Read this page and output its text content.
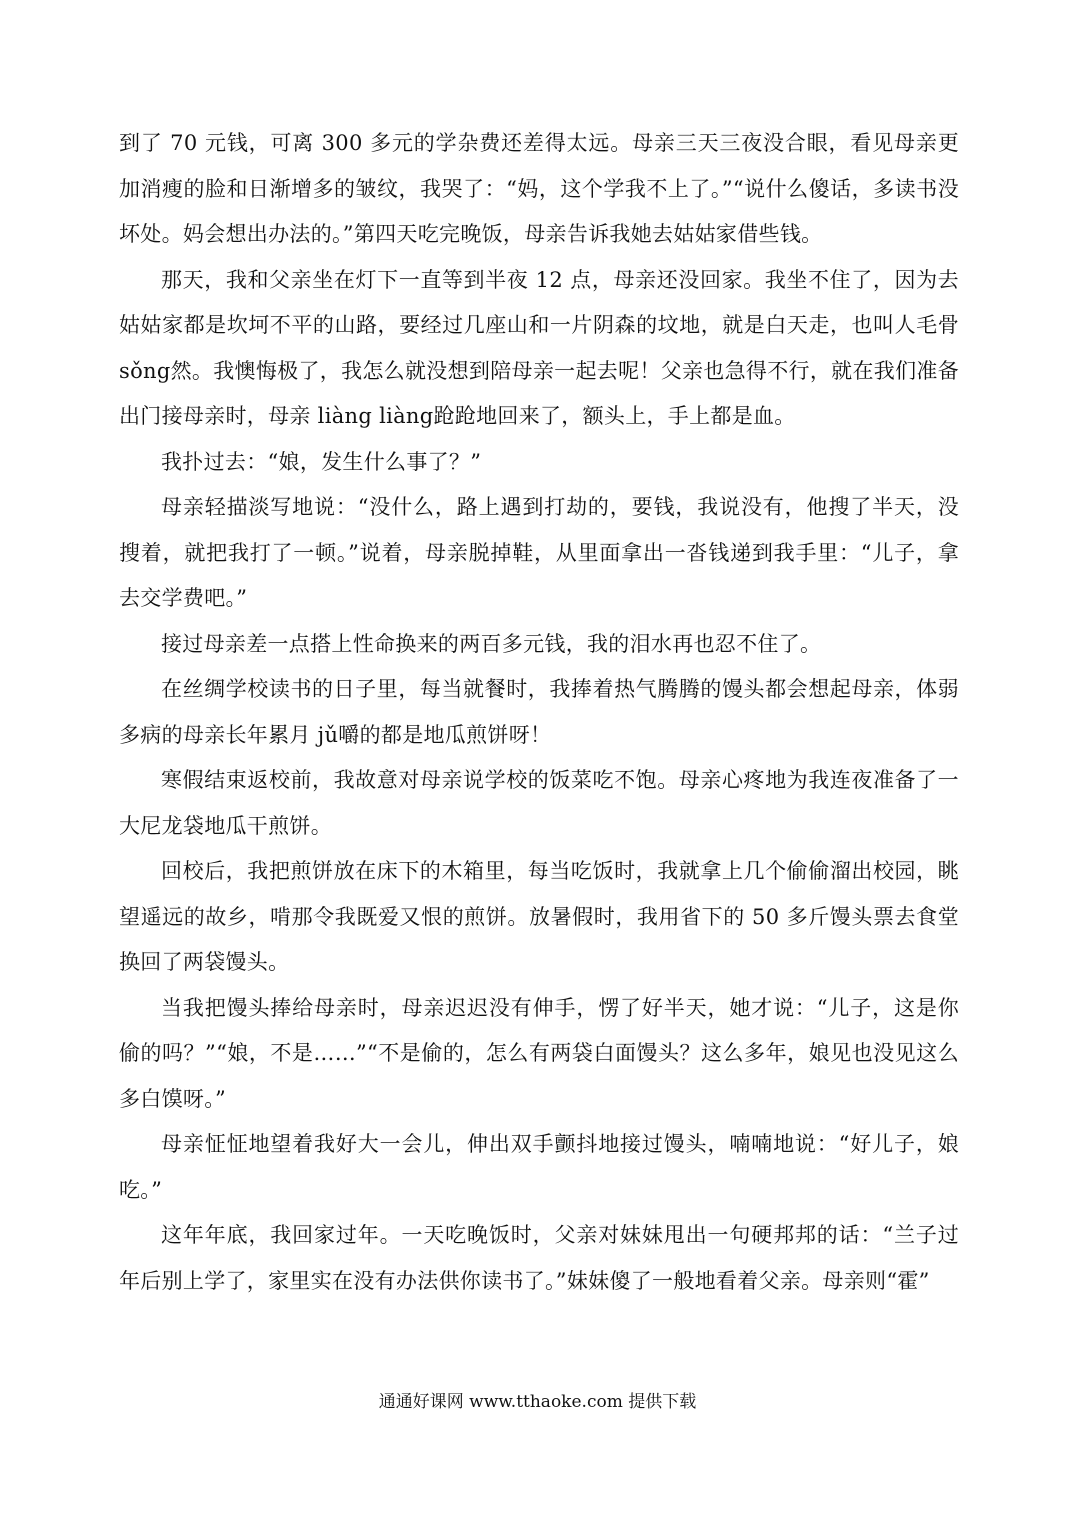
到了 70 元钱，可离 300 多元的学杂费还差得太远。母亲三天三夜没合眼，看见母亲更加消瘦的脸和日渐增多的皱纹，我哭了：“妈，这个学我不上了。”“说什么傻话，多读书没坏处。妈会想出办法的。”第四天吃完晚饭，母亲告诉我她去姑姑家借些钱。

那天，我和父亲坐在灯下一直等到半夜 12 点，母亲还没回家。我坐不住了，因为去姑姑家都是坎坷不平的山路，要经过几座山和一片阴森的坟地，就是白天走，也叫人毛骨 sǒng然。我懊悔极了，我怎么就没想到陪母亲一起去呢！父亲也急得不行，就在我们准备出门接母亲时，母亲 liàng liàng跄跄地回来了，额头上，手上都是血。

我扑过去：“娘，发生什么事了？”

母亲轻描淡写地说：“没什么，路上遇到打劫的，要钱，我说没有，他搜了半天，没搜着，就把我打了一顿。”说着，母亲脱掉鞋，从里面拿出一沓钱递到我手里：“儿子，拿去交学费吧。”

接过母亲差一点搭上性命换来的两百多元钱，我的泪水再也忍不住了。

在丝绸学校读书的日子里，每当就餐时，我捧着热气腾腾的馒头都会想起母亲，体弱多病的母亲长年累月 jǔ嚼的都是地瓜煎饼呀！

寒假结束返校前，我故意对母亲说学校的饭菜吃不饱。母亲心疼地为我连夜准备了一大尼龙袋地瓜干煎饼。

回校后，我把煎饼放在床下的木箱里，每当吃饭时，我就拿上几个偷偷溜出校园，眺望遥远的故乡，啃那令我既爱又恨的煎饼。放暑假时，我用省下的 50 多斤馒头票去食堂换回了两袋馒头。

当我把馒头捧给母亲时，母亲迟迟没有伸手，愣了好半天，她才说：“儿子，这是你偷的吗？”“娘，不是……”“不是偷的，怎么有两袋白面馒头？这么多年，娘见也没见这么多白馍呀。”

母亲怔怔地望着我好大一会儿，伸出双手颤抖地接过馒头，喃喃地说：“好儿子，娘吃。”

这年年底，我回家过年。一天吃晚饭时，父亲对妹妹甩出一句硬邦邦的话：“兰子过年后别上学了，家里实在没有办法供你读书了。”妹妹傻了一般地看着父亲。母亲则“霍”

通通好课网 www.tthaoke.com 提供下载
